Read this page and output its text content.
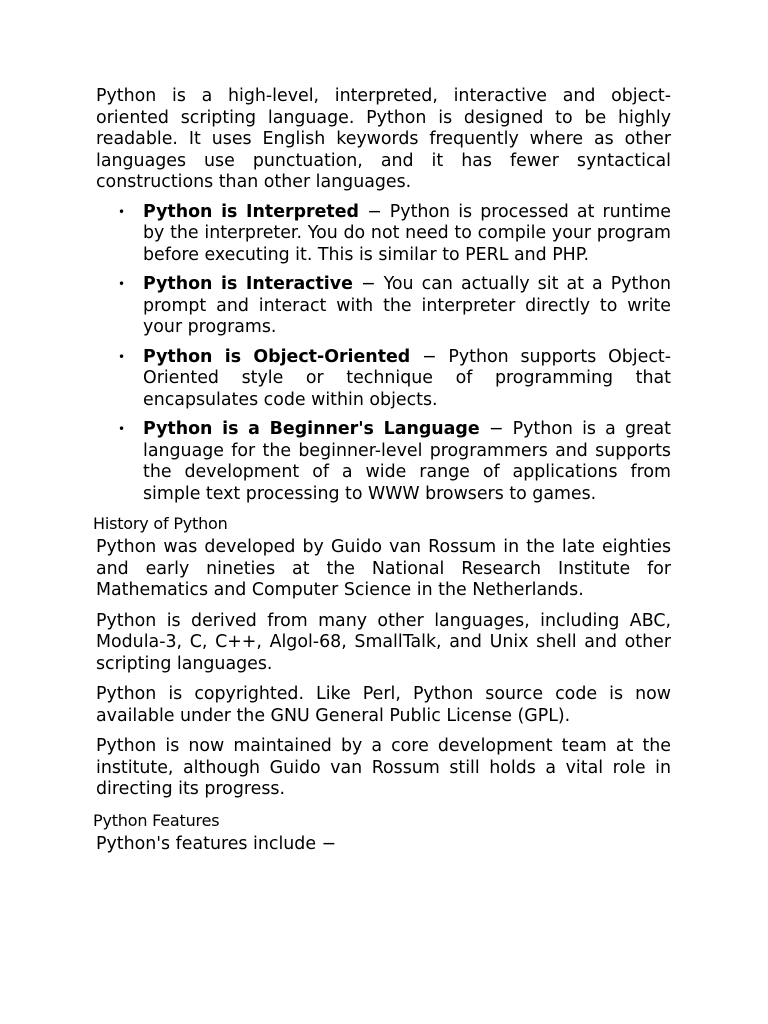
Python is a high-level, interpreted, interactive and object-oriented scripting language. Python is designed to be highly readable. It uses English keywords frequently where as other languages use punctuation, and it has fewer syntactical constructions than other languages.

• Python is Interpreted − Python is processed at runtime by the interpreter. You do not need to compile your program before executing it. This is similar to PERL and PHP.
• Python is Interactive − You can actually sit at a Python prompt and interact with the interpreter directly to write your programs.
• Python is Object-Oriented − Python supports Object-Oriented style or technique of programming that encapsulates code within objects.
• Python is a Beginner's Language − Python is a great language for the beginner-level programmers and supports the development of a wide range of applications from simple text processing to WWW browsers to games.
History of Python

Python was developed by Guido van Rossum in the late eighties and early nineties at the National Research Institute for Mathematics and Computer Science in the Netherlands.

Python is derived from many other languages, including ABC, Modula-3, C, C++, Algol-68, SmallTalk, and Unix shell and other scripting languages.

Python is copyrighted. Like Perl, Python source code is now available under the GNU General Public License (GPL).

Python is now maintained by a core development team at the institute, although Guido van Rossum still holds a vital role in directing its progress.

Python Features

Python's features include −
